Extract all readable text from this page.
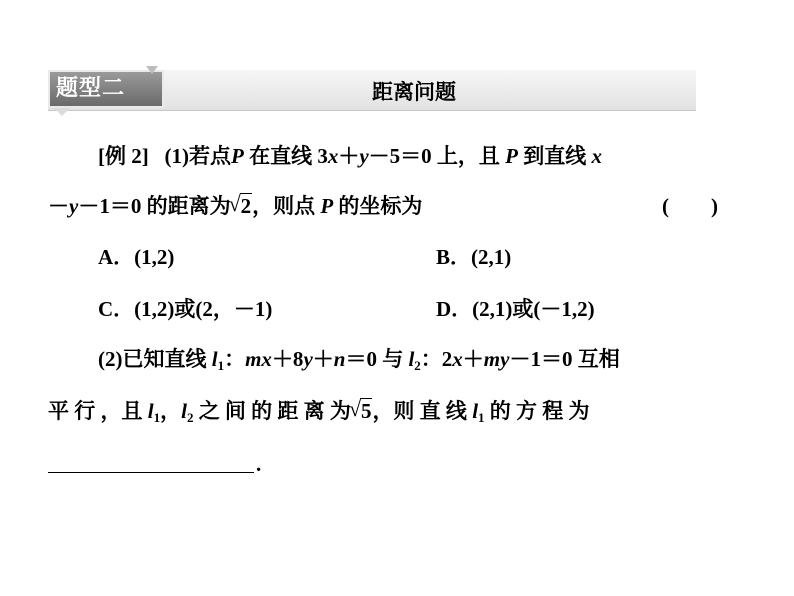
题型二	距离问题
[例 2] (1)若点P 在直线 3x＋y－5＝0 上，且 P 到直线 x
－y－1＝0 的距离为 √ 2，则点 P 的坐标为	(　　)
A．(1,2)	B．(2,1)
C．(1,2)或(2，－1)	D．(2,1)或(－1,2)
(2)已知直线 $l_1$：mx＋8y＋n＝0 与 $l_2$：2x＋my－1＝0 互相
平 行 ，且 $l_1$，$l_2$ 之 间 的 距 离 为 √ 5，则 直 线 $l_1$ 的 方 程 为
.
